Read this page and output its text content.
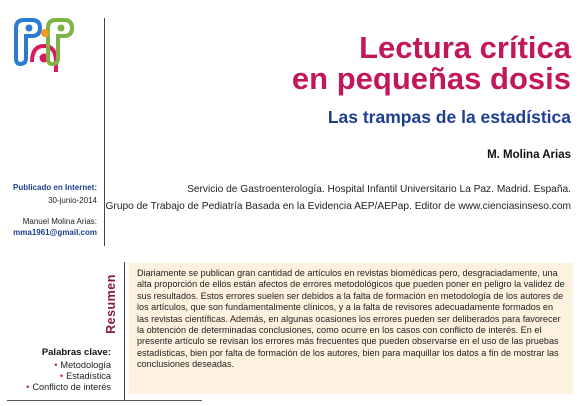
Lectura crítica
en pequeñas dosis
Las trampas de la estadística
M. Molina Arias
Servicio de Gastroenterología. Hospital Infantil Universitario La Paz. Madrid. España.
Grupo de Trabajo de Pediatría Basada en la Evidencia AEP/AEPap. Editor de www.cienciasinseso.com
Publicado en Internet:
30-junio-2014
Manuel Molina Arias:
mma1961@gmail.com
Resumen
Diariamente se publican gran cantidad de artículos en revistas biomédicas pero, desgraciadamente, una alta proporción de ellos están afectos de errores metodológicos que pueden poner en peligro la validez de sus resultados. Estos errores suelen ser debidos a la falta de formación en metodología de los autores de los artículos, que son fundamentalmente clínicos, y a la falta de revisores adecuadamente formados en las revistas científicas. Además, en algunas ocasiones los errores pueden ser deliberados para favorecer la obtención de determinadas conclusiones, como ocurre en los casos con conflicto de interés. En el presente artículo se revisan los errores más frecuentes que pueden observarse en el uso de las pruebas estadísticas, bien por falta de formación de los autores, bien para maquillar los datos a fin de mostrar las conclusiones deseadas.
Palabras clave:
• Metodología
• Estadística
• Conflicto de interés
